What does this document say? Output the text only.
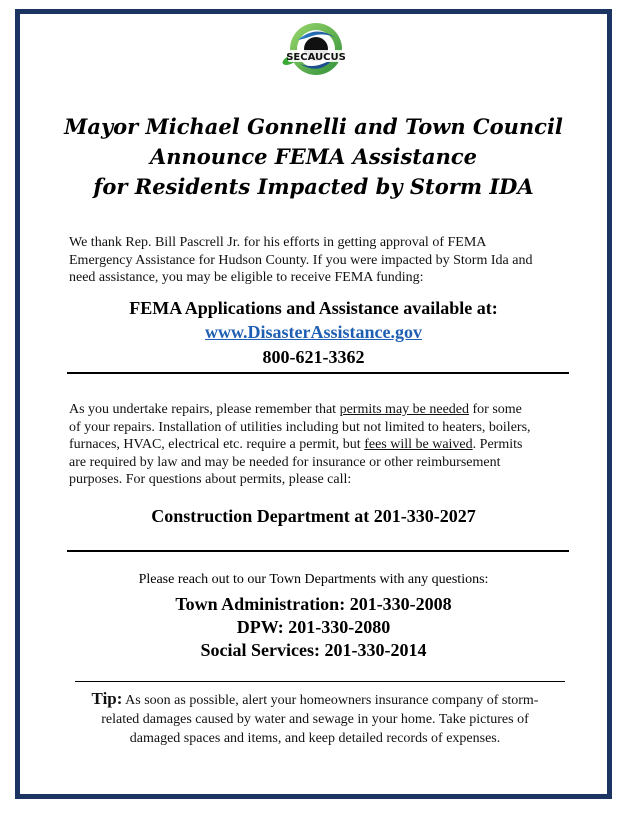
SECAUCUS
Mayor Michael Gonnelli and Town Council
Announce FEMA Assistance
for Residents Impacted by Storm IDA
We thank Rep. Bill Pascrell Jr. for his efforts in getting approval of FEMA
Emergency Assistance for Hudson County. If you were impacted by Storm Ida and
need assistance, you may be eligible to receive FEMA funding:
FEMA Applications and Assistance available at:
www.DisasterAssistance.gov
800-621-3362
As you undertake repairs, please remember that permits may be needed for some
of your repairs. Installation of utilities including but not limited to heaters, boilers,
furnaces, HVAC, electrical etc. require a permit, but fees will be waived. Permits
are required by law and may be needed for insurance or other reimbursement
purposes. For questions about permits, please call:
Construction Department at 201-330-2027
Please reach out to our Town Departments with any questions:
Town Administration: 201-330-2008
DPW: 201-330-2080
Social Services: 201-330-2014
Tip: As soon as possible, alert your homeowners insurance company of storm-
related damages caused by water and sewage in your home. Take pictures of
damaged spaces and items, and keep detailed records of expenses.
